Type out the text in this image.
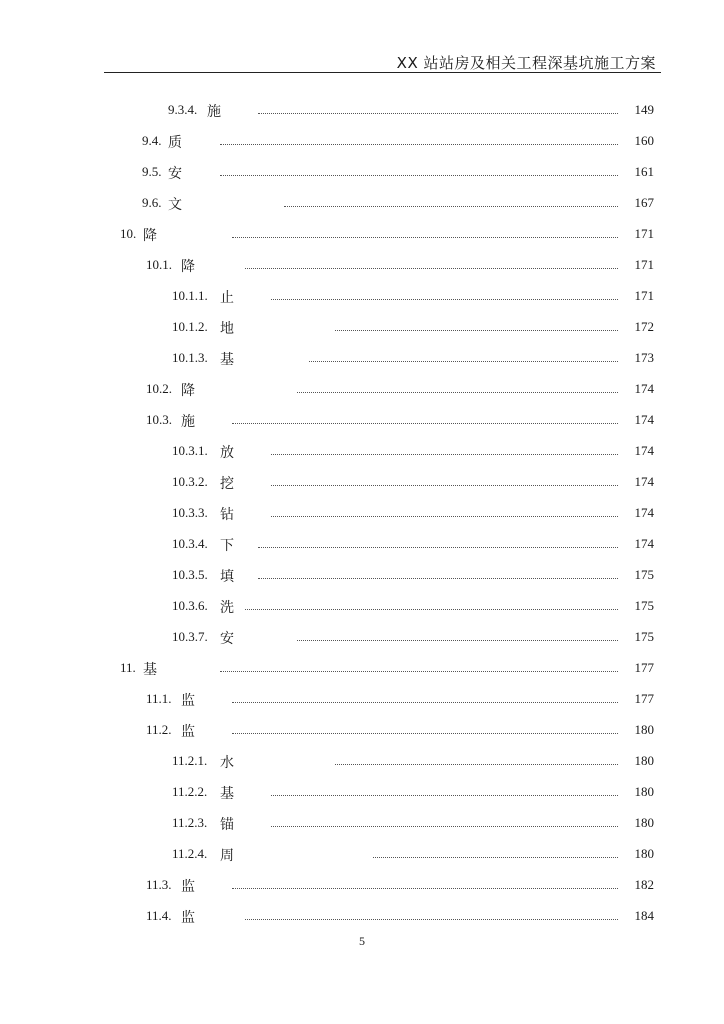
XX 站站房及相关工程深基坑施工方案
9.3.4. 施	149
9.4. 质	160
9.5. 安	161
9.6. 文	167
10. 降	171
10.1. 降	171
10.1.1. 止	171
10.1.2. 地	172
10.1.3. 基	173
10.2. 降	174
10.3. 施	174
10.3.1. 放	174
10.3.2. 挖	174
10.3.3. 钻	174
10.3.4. 下	174
10.3.5. 填	175
10.3.6. 洗	175
10.3.7. 安	175
11. 基	177
11.1. 监	177
11.2. 监	180
11.2.1. 水	180
11.2.2. 基	180
11.2.3. 锚	180
11.2.4. 周	180
11.3. 监	182
11.4. 监	184
5
